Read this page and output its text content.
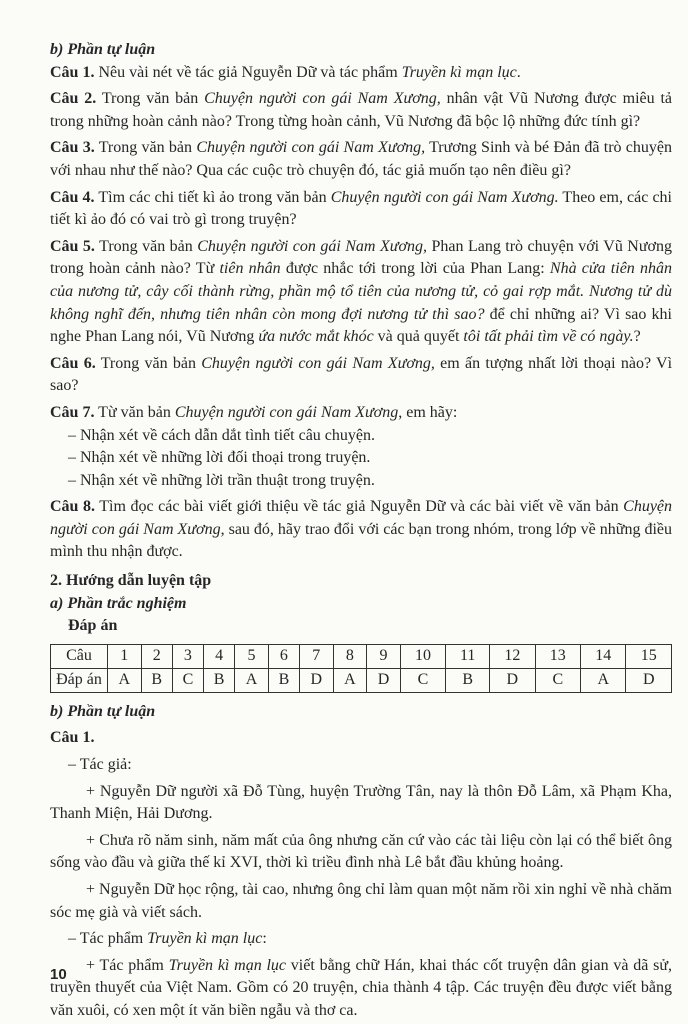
b) Phần tự luận

Câu 1. Nêu vài nét về tác giả Nguyễn Dữ và tác phẩm Truyền kì mạn lục.

Câu 2. Trong văn bản Chuyện người con gái Nam Xương, nhân vật Vũ Nương được miêu tả trong những hoàn cảnh nào? Trong từng hoàn cảnh, Vũ Nương đã bộc lộ những đức tính gì?

Câu 3. Trong văn bản Chuyện người con gái Nam Xương, Trương Sinh và bé Đản đã trò chuyện với nhau như thế nào? Qua các cuộc trò chuyện đó, tác giả muốn tạo nên điều gì?

Câu 4. Tìm các chi tiết kì ảo trong văn bản Chuyện người con gái Nam Xương. Theo em, các chi tiết kì ảo đó có vai trò gì trong truyện?

Câu 5. Trong văn bản Chuyện người con gái Nam Xương, Phan Lang trò chuyện với Vũ Nương trong hoàn cảnh nào? Từ tiên nhân được nhắc tới trong lời của Phan Lang: Nhà cửa tiên nhân của nương tử, cây cối thành rừng, phần mộ tổ tiên của nương tử, cỏ gai rợp mắt. Nương tử dù không nghĩ đến, nhưng tiên nhân còn mong đợi nương tử thì sao? để chỉ những ai? Vì sao khi nghe Phan Lang nói, Vũ Nương ứa nước mắt khóc và quả quyết tôi tất phải tìm về có ngày.?

Câu 6. Trong văn bản Chuyện người con gái Nam Xương, em ấn tượng nhất lời thoại nào? Vì sao?

Câu 7. Từ văn bản Chuyện người con gái Nam Xương, em hãy:

– Nhận xét về cách dẫn dắt tình tiết câu chuyện.

– Nhận xét về những lời đối thoại trong truyện.

– Nhận xét về những lời trần thuật trong truyện.

Câu 8. Tìm đọc các bài viết giới thiệu về tác giả Nguyễn Dữ và các bài viết về văn bản Chuyện người con gái Nam Xương, sau đó, hãy trao đổi với các bạn trong nhóm, trong lớp về những điều mình thu nhận được.

2. Hướng dẫn luyện tập

a) Phần trắc nghiệm

Đáp án

Câu	1	2	3	4	5	6	7	8	9	10	11	12	13	14	15
Đáp án	A	B	C	B	A	B	D	A	D	C	B	D	C	A	D

b) Phần tự luận

Câu 1.

– Tác giả:

+ Nguyễn Dữ người xã Đỗ Tùng, huyện Trường Tân, nay là thôn Đỗ Lâm, xã Phạm Kha, Thanh Miện, Hải Dương.

+ Chưa rõ năm sinh, năm mất của ông nhưng căn cứ vào các tài liệu còn lại có thể biết ông sống vào đầu và giữa thế kỉ XVI, thời kì triều đình nhà Lê bắt đầu khủng hoảng.

+ Nguyễn Dữ học rộng, tài cao, nhưng ông chỉ làm quan một năm rồi xin nghỉ về nhà chăm sóc mẹ già và viết sách.

– Tác phẩm Truyền kì mạn lục:

+ Tác phẩm Truyền kì mạn lục viết bằng chữ Hán, khai thác cốt truyện dân gian và dã sử, truyền thuyết của Việt Nam. Gồm có 20 truyện, chia thành 4 tập. Các truyện đều được viết bằng văn xuôi, có xen một ít văn biền ngẫu và thơ ca.

10
